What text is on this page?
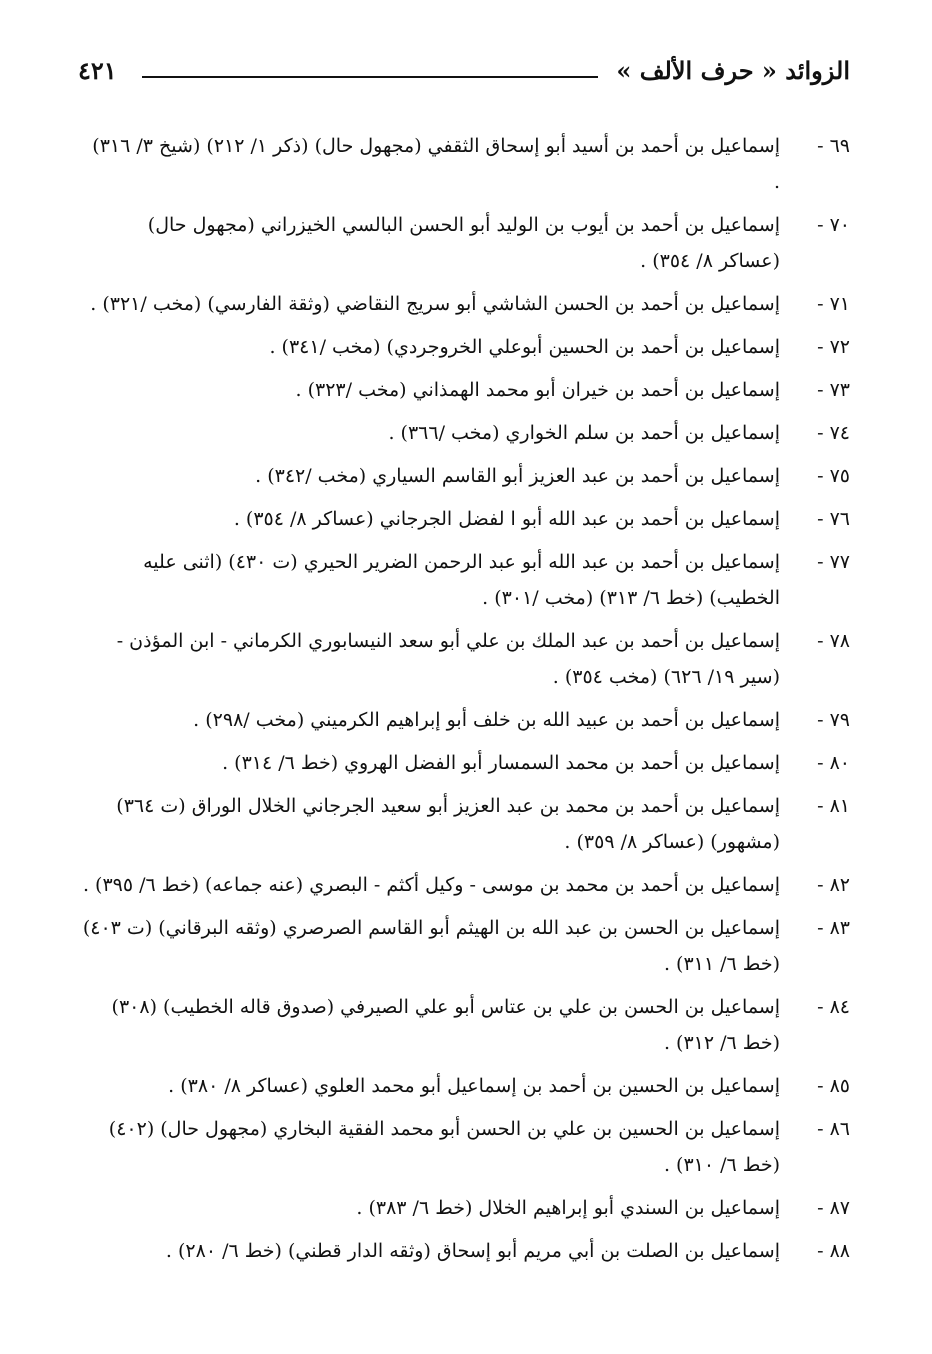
الزوائد « حرف الألف »
٤٢١
٦٩ -إسماعيل بن أحمد بن أسيد أبو إسحاق الثقفي (مجهول حال) (ذكر ١/ ٢١٢) (شيخ ٣/ ٣١٦) .
٧٠ -إسماعيل بن أحمد بن أيوب بن الوليد أبو الحسن البالسي الخيزراني (مجهول حال) (عساكر ٨/ ٣٥٤) .
٧١ -إسماعيل بن أحمد بن الحسن الشاشي أبو سريج النقاضي (وثقة الفارسي) (مخب /٣٢١) .
٧٢ -إسماعيل بن أحمد بن الحسين أبوعلي الخروجردي) (مخب /٣٤١) .
٧٣ -إسماعيل بن أحمد بن خيران أبو محمد الهمذاني (مخب /٣٢٣) .
٧٤ -إسماعيل بن أحمد بن سلم الخواري (مخب /٣٦٦) .
٧٥ -إسماعيل بن أحمد بن عبد العزيز أبو القاسم السياري (مخب /٣٤٢) .
٧٦ -إسماعيل بن أحمد بن عبد الله أبو ا لفضل الجرجاني (عساكر ٨/ ٣٥٤) .
٧٧ -إسماعيل بن أحمد بن عبد الله أبو عبد الرحمن الضرير الحيري (ت ٤٣٠) (اثنى عليه الخطيب) (خط ٦/ ٣١٣) (مخب /٣٠١) .
٧٨ -إسماعيل بن أحمد بن عبد الملك بن علي أبو سعد النيسابوري الكرماني - ابن المؤذن - (سير ١٩/ ٦٢٦) (مخب ٣٥٤) .
٧٩ -إسماعيل بن أحمد بن عبيد الله بن خلف أبو إبراهيم الكرميني (مخب /٢٩٨) .
٨٠ -إسماعيل بن أحمد بن محمد السمسار أبو الفضل الهروي (خط ٦/ ٣١٤) .
٨١ -إسماعيل بن أحمد بن محمد بن عبد العزيز أبو سعيد الجرجاني الخلال الوراق (ت ٣٦٤) (مشهور) (عساكر ٨/ ٣٥٩) .
٨٢ -إسماعيل بن أحمد بن محمد بن موسى - وكيل أكثم - البصري (عنه جماعه) (خط ٦/ ٣٩٥) .
٨٣ -إسماعيل بن الحسن بن عبد الله بن الهيثم أبو القاسم الصرصري (وثقه البرقاني) (ت ٤٠٣) (خط ٦/ ٣١١) .
٨٤ -إسماعيل بن الحسن بن علي بن عتاس أبو علي الصيرفي (صدوق قاله الخطيب) (٣٠٨) (خط ٦/ ٣١٢) .
٨٥ -إسماعيل بن الحسين بن أحمد بن إسماعيل أبو محمد العلوي (عساكر ٨/ ٣٨٠) .
٨٦ -إسماعيل بن الحسين بن علي بن الحسن أبو محمد الفقية البخاري (مجهول حال) (٤٠٢) (خط ٦/ ٣١٠) .
٨٧ -إسماعيل بن السندي أبو إبراهيم الخلال (خط ٦/ ٣٨٣) .
٨٨ -إسماعيل بن الصلت بن أبي مريم أبو إسحاق (وثقه الدار قطني) (خط ٦/ ٢٨٠) .
